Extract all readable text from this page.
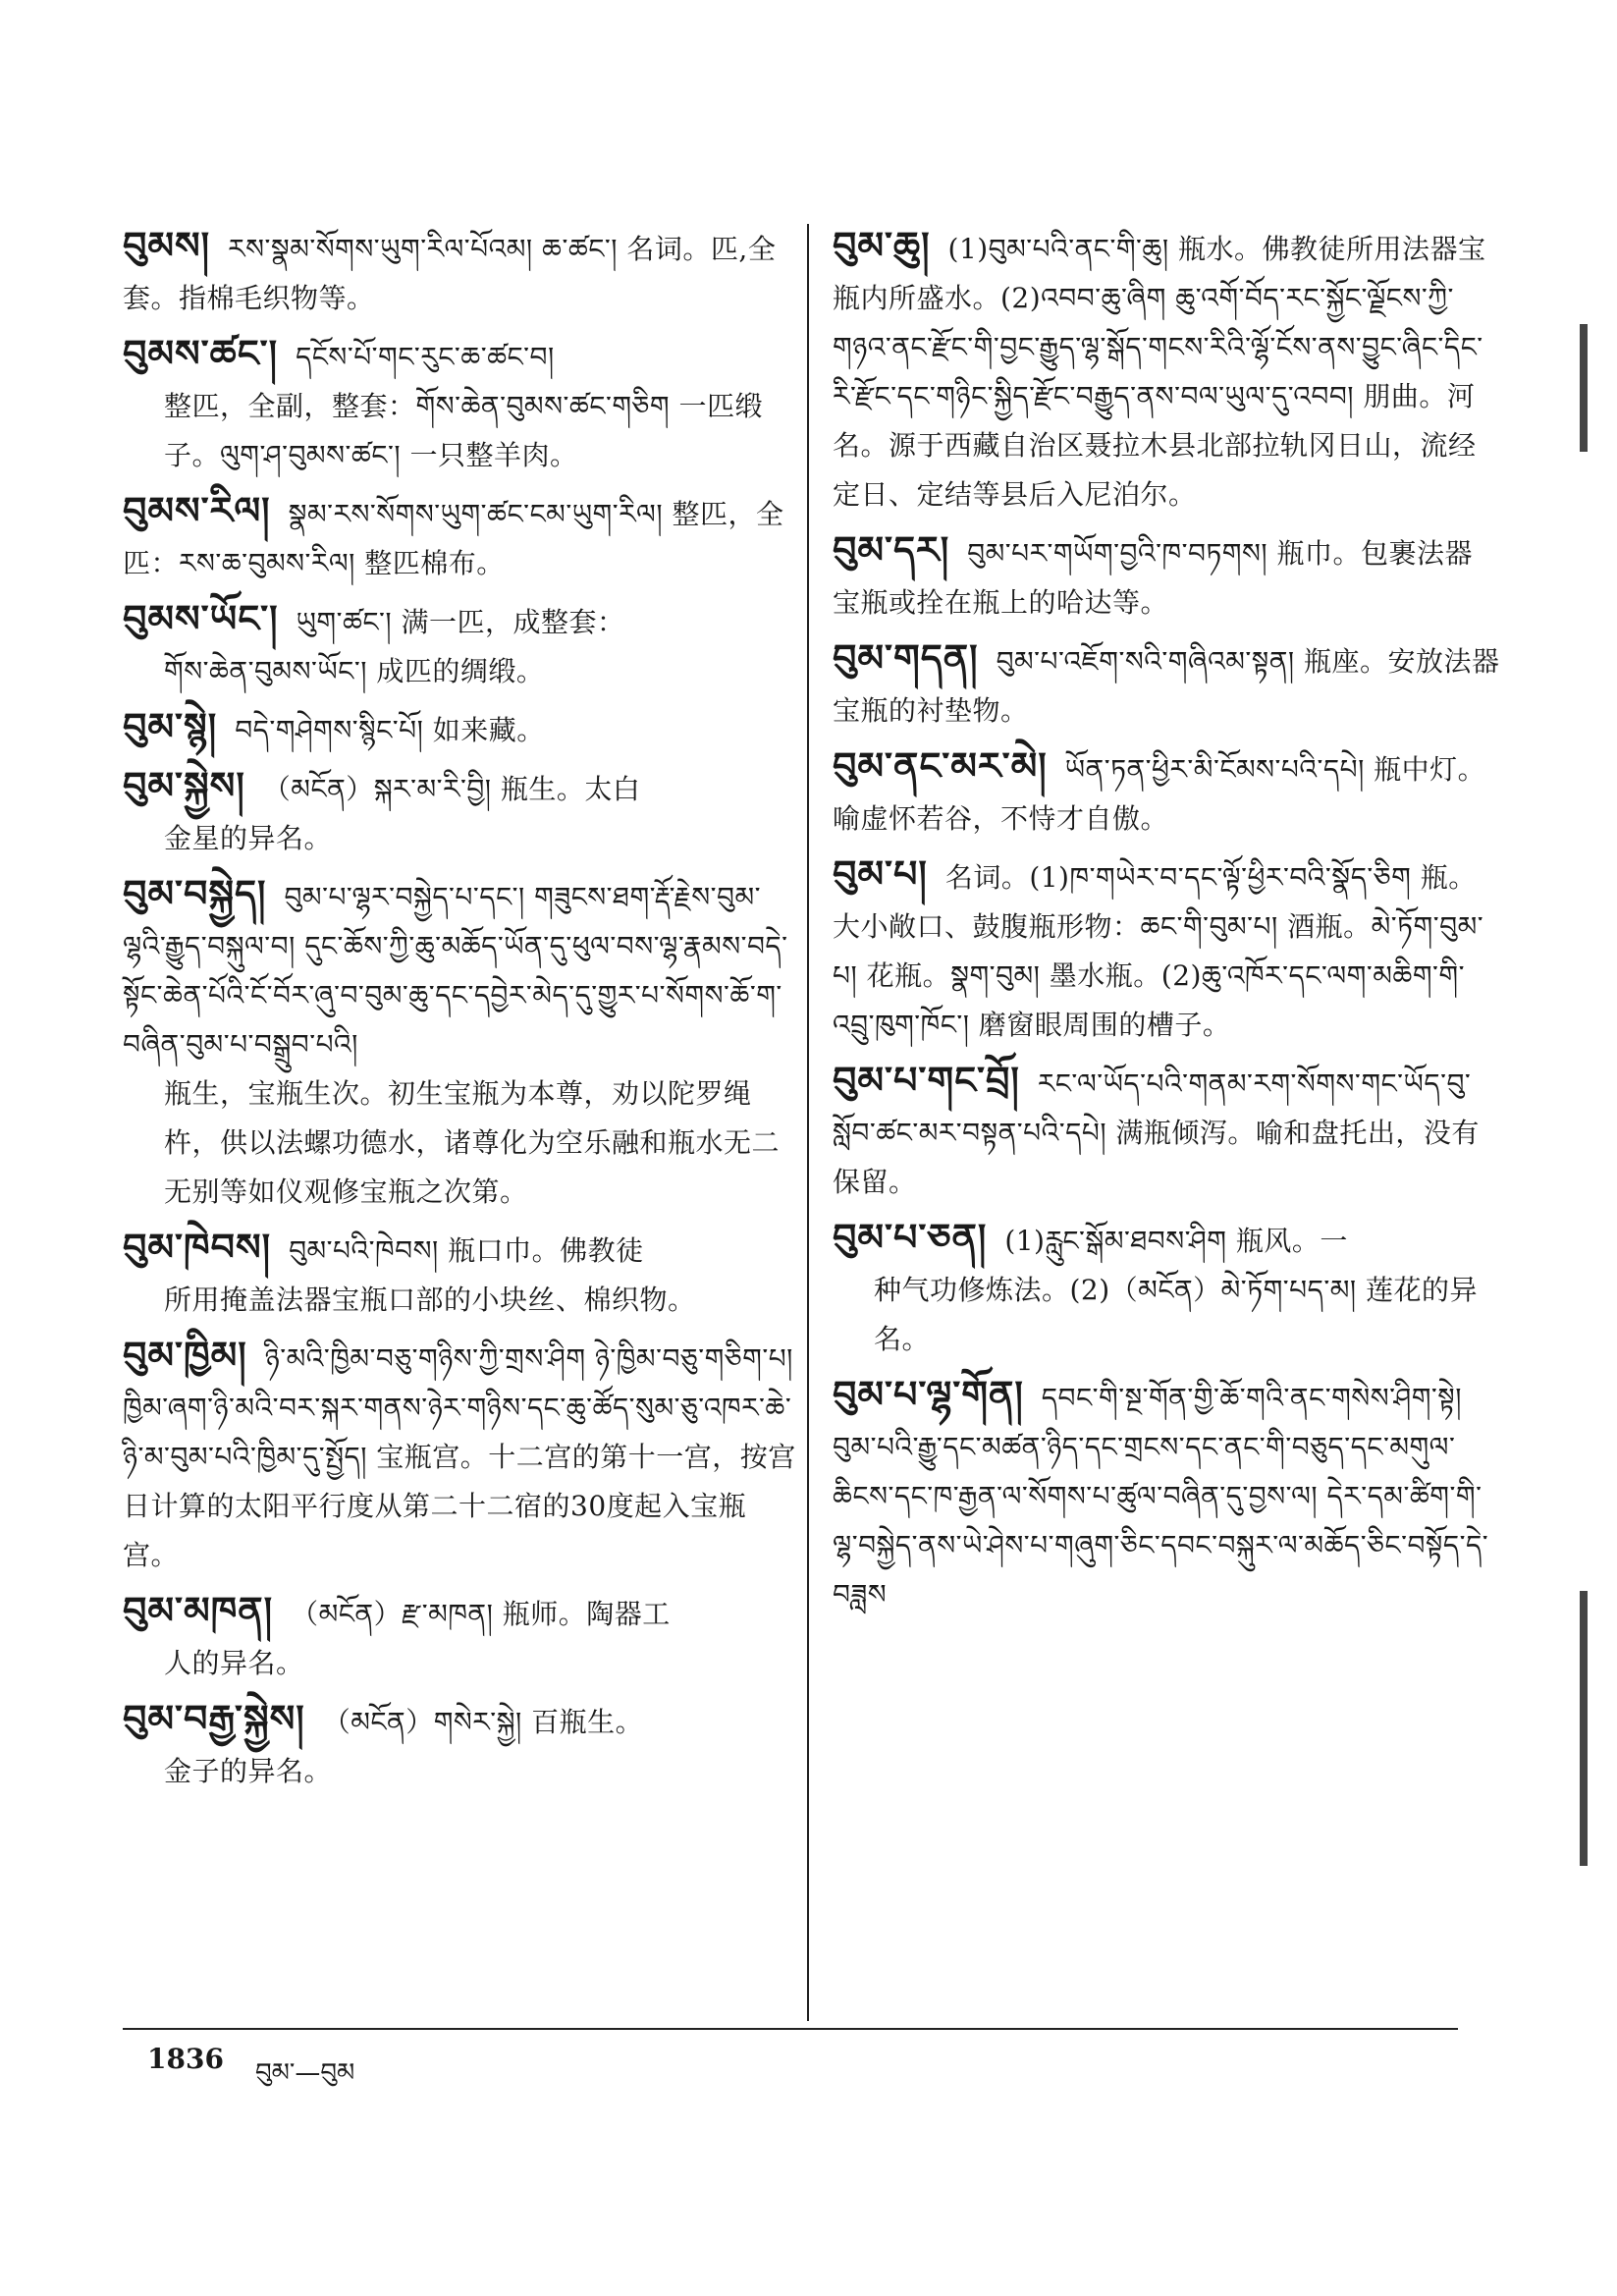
བུམས། རས་སྣམ་སོགས་ཡུག་རིལ་པོའམ། ཆ་ཚང་། 名词。匹,全套。指棉毛织物等。
བུམས་ཚང་། དངོས་པོ་གང་རུང་ཆ་ཚང་བ།
整匹，全副，整套：གོས་ཆེན་བུམས་ཚང་གཅིག 一匹缎子。ལུག་ཤ་བུམས་ཚང་། 一只整羊肉。
བུམས་རིལ། སྣམ་རས་སོགས་ཡུག་ཚང་ངམ་ཡུག་རིལ། 整匹，全匹：རས་ཆ་བུམས་རིལ། 整匹棉布。
བུམས་ཡོང་། ཡུག་ཚང་། 满一匹，成整套：
གོས་ཆེན་བུམས་ཡོང་། 成匹的绸缎。
བུམ་སྙེ། བདེ་གཤེགས་སྙིང་པོ། 如来藏。
བུམ་སྐྱེས། （མངོན）སྐར་མ་རི་བྱི། 瓶生。太白
金星的异名。
བུམ་བསྐྱེད། བུམ་པ་ལྷར་བསྐྱེད་པ་དང་། གཟུངས་ཐག་རྡོ་རྗེས་བུམ་ལྷའི་རྒྱུད་བསྐུལ་བ། དུང་ཆོས་ཀྱི་ཆུ་མཆོད་ཡོན་དུ་ཕུལ་བས་ལྷ་རྣམས་བདེ་སྟོང་ཆེན་པོའི་ངོ་བོར་ཞུ་བ་བུམ་ཆུ་དང་དབྱེར་མེད་དུ་གྱུར་པ་སོགས་ཆོ་ག་བཞིན་བུམ་པ་བསྒྲུབ་པའི།
瓶生，宝瓶生次。初生宝瓶为本尊，劝以陀罗绳杵，供以法螺功德水，诸尊化为空乐融和瓶水无二无别等如仪观修宝瓶之次第。
བུམ་ཁེབས། བུམ་པའི་ཁེབས། 瓶口巾。佛教徒
所用掩盖法器宝瓶口部的小块丝、棉织物。
བུམ་ཁྱིམ། ཉི་མའི་ཁྱིམ་བཅུ་གཉིས་ཀྱི་གྲས་ཤིག ཉེ་ཁྱིམ་བཅུ་གཅིག་པ། ཁྱིམ་ཞག་ཉི་མའི་བར་སྐར་གནས་ཉེར་གཉིས་དང་ཆུ་ཚོད་སུམ་ཅུ་འཁར་ཆེ་ཉི་མ་བུམ་པའི་ཁྱིམ་དུ་སྤྱོད། 宝瓶宫。十二宫的第十一宫，按宫日计算的太阳平行度从第二十二宿的30度起入宝瓶宫。
བུམ་མཁན། （མངོན）རྫ་མཁན། 瓶师。陶器工
人的异名。
བུམ་བརྒྱ་སྐྱེས། （མངོན）གསེར་སྐྱེ། 百瓶生。
金子的异名。
བུམ་ཆུ། (1)བུམ་པའི་ནང་གི་ཆུ། 瓶水。佛教徒所用法器宝瓶内所盛水。(2)འབབ་ཆུ་ཞིག ཆུ་འགོ་བོད་རང་སྐྱོང་ལྗོངས་ཀྱི་གཉའ་ནང་རྫོང་གི་བྱང་རྒྱུད་ལྷ་སྒོད་གངས་རིའི་ལྷོ་ངོས་ནས་བྱུང་ཞིང་དིང་རི་རྫོང་དང་གཉིང་སྐྱིད་རྫོང་བརྒྱུད་ནས་བལ་ཡུལ་དུ་འབབ། 朋曲。河名。源于西藏自治区聂拉木县北部拉轨冈日山，流经定日、定结等县后入尼泊尔。
བུམ་དར། བུམ་པར་གཡོག་བྱའི་ཁ་བཏགས། 瓶巾。包裹法器宝瓶或拴在瓶上的哈达等。
བུམ་གདན། བུམ་པ་འཇོག་སའི་གཞིའམ་སྟན། 瓶座。安放法器宝瓶的衬垫物。
བུམ་ནང་མར་མེ། ཡོན་ཏན་ཕྱིར་མི་ངོམས་པའི་དཔེ། 瓶中灯。喻虚怀若谷，不恃才自傲。
བུམ་པ། 名词。(1)ཁ་གཡེར་བ་དང་ལྟོ་ཕྱིར་བའི་སྣོད་ཅིག 瓶。大小敞口、鼓腹瓶形物：ཆང་གི་བུམ་པ། 酒瓶。མེ་ཏོག་བུམ་པ། 花瓶。སྣག་བུམ། 墨水瓶。(2)ཆུ་འཁོར་དང་ལག་མཆིག་གི་འབྲུ་ཁུག་ཁོང་། 磨窗眼周围的槽子。
བུམ་པ་གང་བྲོ། རང་ལ་ཡོད་པའི་གནམ་རག་སོགས་གང་ཡོད་བུ་སློབ་ཚང་མར་བསྟན་པའི་དཔེ། 满瓶倾泻。喻和盘托出，没有保留。
བུམ་པ་ཅན། (1)རླུང་སྒོམ་ཐབས་ཤིག 瓶风。一
种气功修炼法。(2)（མངོན）མེ་ཏོག་པད་མ། 莲花的异名。
བུམ་པ་ལྷ་གོན། དབང་གི་སྔ་གོན་གྱི་ཆོ་གའི་ནང་གསེས་ཤིག་སྟེ། བུམ་པའི་རྒྱུ་དང་མཚན་ཉིད་དང་གྲངས་དང་ནང་གི་བཅུད་དང་མགུལ་ཆིངས་དང་ཁ་རྒྱན་ལ་སོགས་པ་ཚུལ་བཞིན་དུ་བྱས་ལ། དེར་དམ་ཚིག་གི་ལྷ་བསྐྱེད་ནས་ཡེ་ཤེས་པ་གཞུག་ཅིང་དབང་བསྐུར་ལ་མཆོད་ཅིང་བསྟོད་དེ་བཟླས
1836 བུམ་—བུམ
